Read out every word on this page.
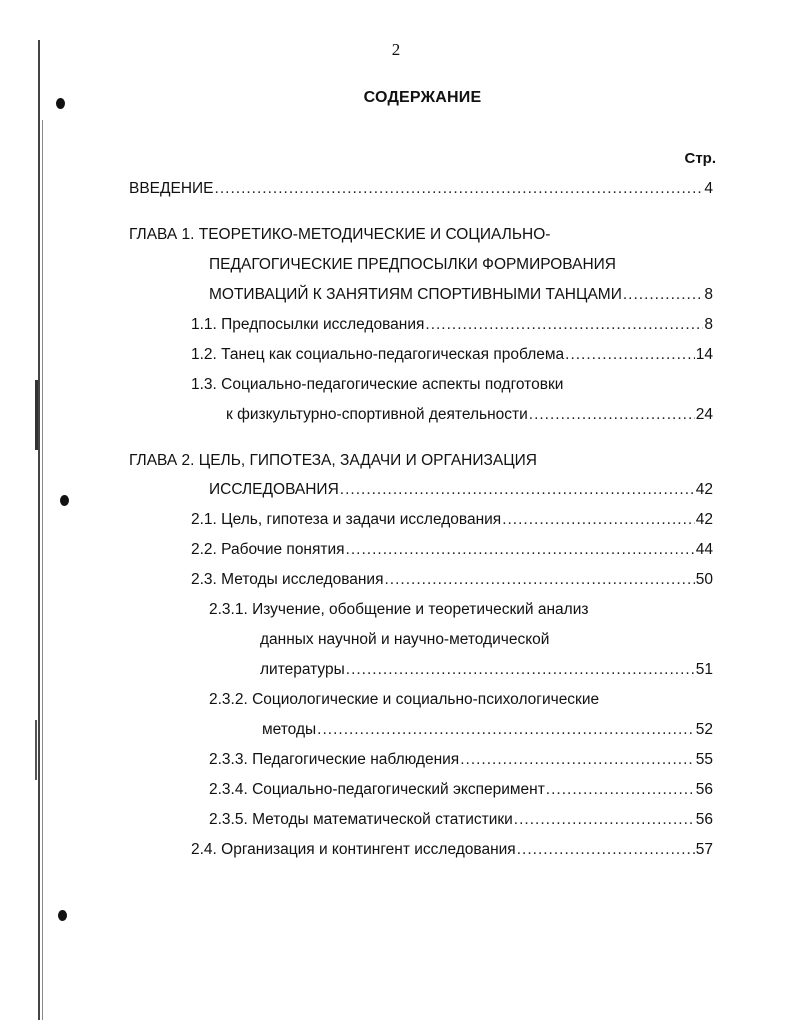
2
СОДЕРЖАНИЕ
Стр.
ВВЕДЕНИЕ .....	4
ГЛАВА 1. ТЕОРЕТИКО-МЕТОДИЧЕСКИЕ И СОЦИАЛЬНО-
ПЕДАГОГИЧЕСКИЕ ПРЕДПОСЫЛКИ ФОРМИРОВАНИЯ
МОТИВАЦИЙ К ЗАНЯТИЯМ СПОРТИВНЫМИ ТАНЦАМИ .....	8
1.1. Предпосылки исследования .....	8
1.2. Танец как социально-педагогическая проблема .....	14
1.3. Социально-педагогические аспекты подготовки
к физкультурно-спортивной деятельности .....	24
ГЛАВА 2. ЦЕЛЬ, ГИПОТЕЗА, ЗАДАЧИ И ОРГАНИЗАЦИЯ
ИССЛЕДОВАНИЯ .....	42
2.1. Цель, гипотеза и задачи исследования .....	42
2.2. Рабочие понятия .....	44
2.3. Методы исследования .....	50
2.3.1. Изучение, обобщение и теоретический анализ
данных научной и научно-методической
литературы .....	51
2.3.2. Социологические и социально-психологические
методы .....	52
2.3.3. Педагогические наблюдения .....	55
2.3.4. Социально-педагогический эксперимент .....	56
2.3.5. Методы математической статистики .....	56
2.4. Организация и контингент исследования .....	57
